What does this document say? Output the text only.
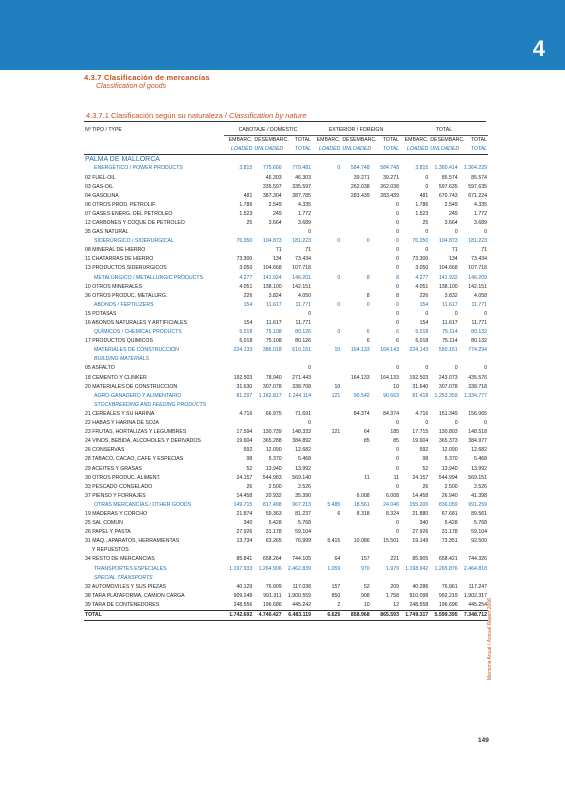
4
4.3.7 Clasificación de mercancías
Classification of goods
4.3.7.1 Clasificación según su naturaleza / Classification by nature
Nº TIPO / TYPE	CABOTAJE / DOMESTIC			EXTERIOR / FOREIGN			TOTAL		
	EMBARC.	DESEMBARC.	TOTAL	EMBARC.	DESEMBARC.	TOTAL	EMBARC.	DESEMBARC.	TOTAL
	LOADED	UNLOADED	TOTAL	LOADED	UNLOADED	TOTAL	LOADED	UNLOADED	TOTAL
PALMA DE MALLORCA									
ENERGÉTICO / POWER PRODUCTS	3.815	775.666	779.481	0	584.748	584.748	3.815	1.360.414	1.364.229
02 FUEL-OIL		46.303	46.303		39.271	39.271	0	85.574	85.574
03 GAS-OIL		335.597	335.597		262.038	262.038	0	597.635	597.635
04 GASOLINA	481	387.304	387.785		283.439	283.439	481	670.743	671.224
06 OTROS PROD. PETROLIF.	1.786	2.549	4.335			0	1.786	2.549	4.335
07 GASES ENERG. DEL PETROLEO	1.523	249	1.772			0	1.523	249	1.772
12 CARBONES Y COQUE DE PETROLEO	25	3.664	3.689			0	25	3.664	3.689
35 GAS NATURAL			0			0	0	0	0
SIDERÚRGICO / SIDERURGICAL	76.350	104.873	181.223	0	0	0	76.350	104.873	181.223
08 MINERAL DE HIERRO		71	71			0	0	71	71
11 CHATARRAS DE HIERRO	73.300	134	73.434			0	73.300	134	73.434
13 PRODUCTOS SIDERURGICOS	3.050	104.668	107.718			0	3.050	104.668	107.718
METALÚRGICO / METALLURGIC PRODUCTS	4.277	141.924	146.201	0	8	8	4.277	141.932	146.209
10 OTROS MINERALES	4.051	138.100	142.151			0	4.051	138.100	142.151
36 OTROS PRODUC. METALURG.	226	3.824	4.050		8	8	226	3.832	4.058
ABONOS / FERTILIZERS	154	11.617	11.771	0	0	0	154	11.617	11.771
15 POTASAS			0			0	0	0	0
16 ABONOS NATURALES Y ARTIFICIALES	154	11.617	11.771			0	154	11.617	11.771
QUÍMICOS / CHEMICAL PRODUCTS	5.018	75.108	80.126	0	6	6	5.018	75.114	80.132
17 PRODUCTOS QUIMICOS	5.018	75.108	80.126		6	6	5.018	75.114	80.132
MATERIALES DE CONSTRUCCIÓN	224.133	386.018	610.151	10	164.133	164.143	224.143	550.151	774.294
BUILDING MATERIALS									
05 ASFALTO			0			0	0	0	0
18 CEMENTO Y CLINKER	192.503	78.940	271.443		164.133	164.133	192.503	243.073	435.576
20 MATERIALES DE CONSTRUCCION	31.630	307.078	338.708	10		10	31.640	307.078	338.718
AGRO-GANADERO Y ALIMENTARIO	81.297	1.162.817	1.244.114	121	90.542	90.663	81.418	1.253.359	1.334.777
STOCKBREEDING AND FEEDING PRODUCTS									
21 CEREALES Y SU HARINA	4.716	66.975	71.691		84.374	84.374	4.716	151.349	156.065
22 HABAS Y HARINA DE SOJA			0			0	0	0	0
23 FRUTAS, HORTALIZAS Y LEGUMBRES	17.594	130.739	148.333	121	64	185	17.715	130.803	148.518
24 VINOS, BEBIDA, ALCOHOLES Y DERIVADOS	19.604	365.288	384.892		85	85	19.604	365.373	384.977
26 CONSERVAS	592	12.090	12.682			0	592	12.090	12.682
28 TABACO, CACAO, CAFE Y ESPECIAS	98	5.370	5.468			0	98	5.370	5.468
29 ACEITES Y GRASAS	52	13.940	13.992			0	52	13.940	13.992
30 OTROS PRODUC. ALIMENT.	24.157	544.983	569.140		11	11	24.157	544.994	569.151
33 PESCADO CONGELADO	26	2.500	2.526			0	26	2.500	2.526
37 PIENSO Y FORRAJES	14.458	20.932	35.390		6.008	6.008	14.458	26.940	41.398
OTRAS MERCANCÍAS / OTHER GOODS	149.715	817.498	967.213	5.485	18.561	24.046	155.200	836.059	991.259
19 MADERAS Y CORCHO	21.874	59.363	81.237	6	8.318	8.324	21.880	67.681	89.561
25 SAL COMUN	340	5.428	5.768			0	340	5.428	5.768
26 PAPEL Y PASTA	27.926	31.178	59.104			0	27.926	31.178	59.104
31 MAQ., APARATOS, HERRAMIENTAS	13.734	63.265	76.999	5.415	10.086	15.501	19.149	73.351	92.500
Y REPUESTOS									
34 RESTO DE MERCANCIAS	85.841	658.264	744.105	64	157	221	85.905	658.421	744.326
TRANSPORTES ESPECIALES	1.197.933	1.264.906	2.462.839	1.059	970	1.979	1.198.942	1.265.876	2.464.818
SPECIAL TRANSPORTS									
32 AUTOMOVILES Y SUS PIEZAS	40.129	76.909	117.038	157	52	209	40.286	76.961	117.247
38 TARA PLATAFORMA, CAMION CARGA	909.248	991.311	1.900.559	850	908	1.758	910.098	992.219	1.902.317
39 TARA DE CONTENEDORES	248.556	196.686	445.242	2	10	12	248.558	196.696	445.254
TOTAL	1.742.692	4.740.427	6.483.119	6.625	858.968	865.593	1.749.317	5.599.395	7.348.712
Memoria Anual / Annual Report 2006
149
